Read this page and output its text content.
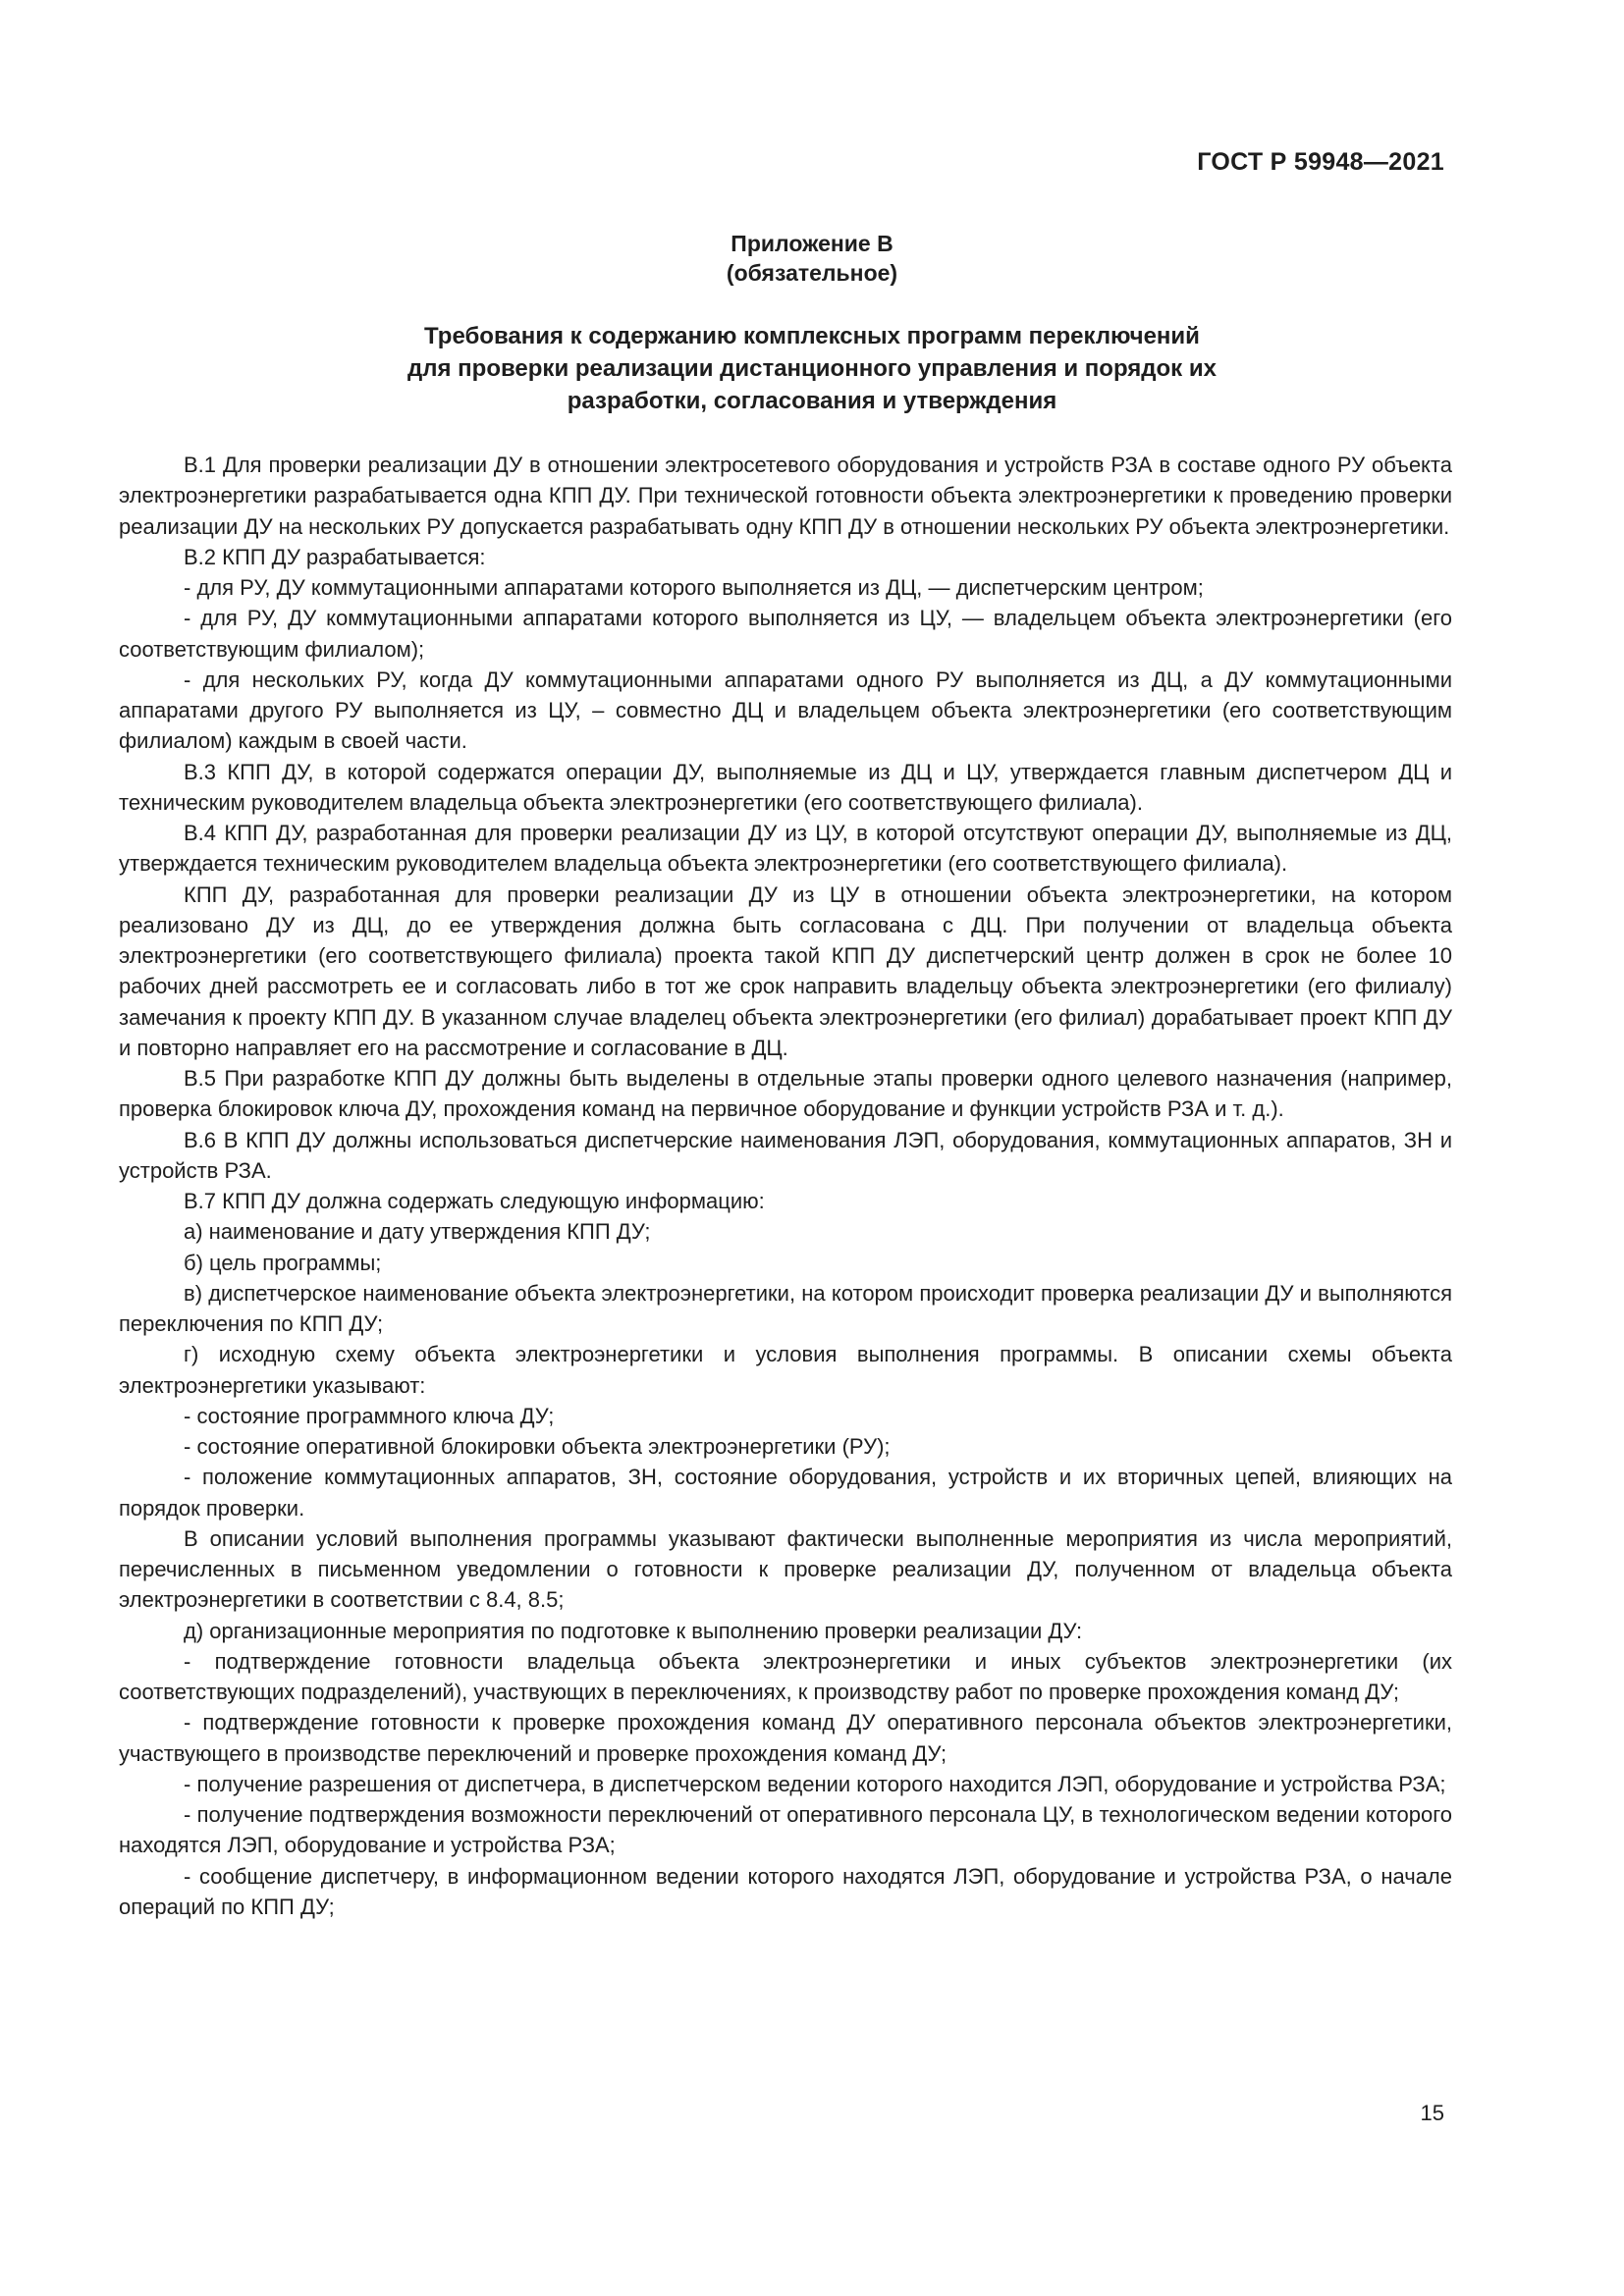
ГОСТ Р 59948—2021
Приложение В
(обязательное)
Требования к содержанию комплексных программ переключений
для проверки реализации дистанционного управления и порядок их
разработки, согласования и утверждения

В.1 Для проверки реализации ДУ в отношении электросетевого оборудования и устройств РЗА в составе одного РУ объекта электроэнергетики разрабатывается одна КПП ДУ. При технической готовности объекта электроэнергетики к проведению проверки реализации ДУ на нескольких РУ допускается разрабатывать одну КПП ДУ в отношении нескольких РУ объекта электроэнергетики.

В.2 КПП ДУ разрабатывается:

- для РУ, ДУ коммутационными аппаратами которого выполняется из ДЦ, — диспетчерским центром;

- для РУ, ДУ коммутационными аппаратами которого выполняется из ЦУ, — владельцем объекта электроэнергетики (его соответствующим филиалом);

- для нескольких РУ, когда ДУ коммутационными аппаратами одного РУ выполняется из ДЦ, а ДУ коммутационными аппаратами другого РУ выполняется из ЦУ, – совместно ДЦ и владельцем объекта электроэнергетики (его соответствующим филиалом) каждым в своей части.

В.3 КПП ДУ, в которой содержатся операции ДУ, выполняемые из ДЦ и ЦУ, утверждается главным диспетчером ДЦ и техническим руководителем владельца объекта электроэнергетики (его соответствующего филиала).

В.4 КПП ДУ, разработанная для проверки реализации ДУ из ЦУ, в которой отсутствуют операции ДУ, выполняемые из ДЦ, утверждается техническим руководителем владельца объекта электроэнергетики (его соответствующего филиала).

КПП ДУ, разработанная для проверки реализации ДУ из ЦУ в отношении объекта электроэнергетики, на котором реализовано ДУ из ДЦ, до ее утверждения должна быть согласована с ДЦ. При получении от владельца объекта электроэнергетики (его соответствующего филиала) проекта такой КПП ДУ диспетчерский центр должен в срок не более 10 рабочих дней рассмотреть ее и согласовать либо в тот же срок направить владельцу объекта электроэнергетики (его филиалу) замечания к проекту КПП ДУ. В указанном случае владелец объекта электроэнергетики (его филиал) дорабатывает проект КПП ДУ и повторно направляет его на рассмотрение и согласование в ДЦ.

В.5 При разработке КПП ДУ должны быть выделены в отдельные этапы проверки одного целевого назначения (например, проверка блокировок ключа ДУ, прохождения команд на первичное оборудование и функции устройств РЗА и т. д.).

В.6 В КПП ДУ должны использоваться диспетчерские наименования ЛЭП, оборудования, коммутационных аппаратов, ЗН и устройств РЗА.

В.7 КПП ДУ должна содержать следующую информацию:

а) наименование и дату утверждения КПП ДУ;

б) цель программы;

в) диспетчерское наименование объекта электроэнергетики, на котором происходит проверка реализации ДУ и выполняются переключения по КПП ДУ;

г) исходную схему объекта электроэнергетики и условия выполнения программы. В описании схемы объекта электроэнергетики указывают:

- состояние программного ключа ДУ;

- состояние оперативной блокировки объекта электроэнергетики (РУ);

- положение коммутационных аппаратов, ЗН, состояние оборудования, устройств и их вторичных цепей, влияющих на порядок проверки.

В описании условий выполнения программы указывают фактически выполненные мероприятия из числа мероприятий, перечисленных в письменном уведомлении о готовности к проверке реализации ДУ, полученном от владельца объекта электроэнергетики в соответствии с 8.4, 8.5;

д) организационные мероприятия по подготовке к выполнению проверки реализации ДУ:

- подтверждение готовности владельца объекта электроэнергетики и иных субъектов электроэнергетики (их соответствующих подразделений), участвующих в переключениях, к производству работ по проверке прохождения команд ДУ;

- подтверждение готовности к проверке прохождения команд ДУ оперативного персонала объектов электроэнергетики, участвующего в производстве переключений и проверке прохождения команд ДУ;

- получение разрешения от диспетчера, в диспетчерском ведении которого находится ЛЭП, оборудование и устройства РЗА;

- получение подтверждения возможности переключений от оперативного персонала ЦУ, в технологическом ведении которого находятся ЛЭП, оборудование и устройства РЗА;

- сообщение диспетчеру, в информационном ведении которого находятся ЛЭП, оборудование и устройства РЗА, о начале операций по КПП ДУ;

15
